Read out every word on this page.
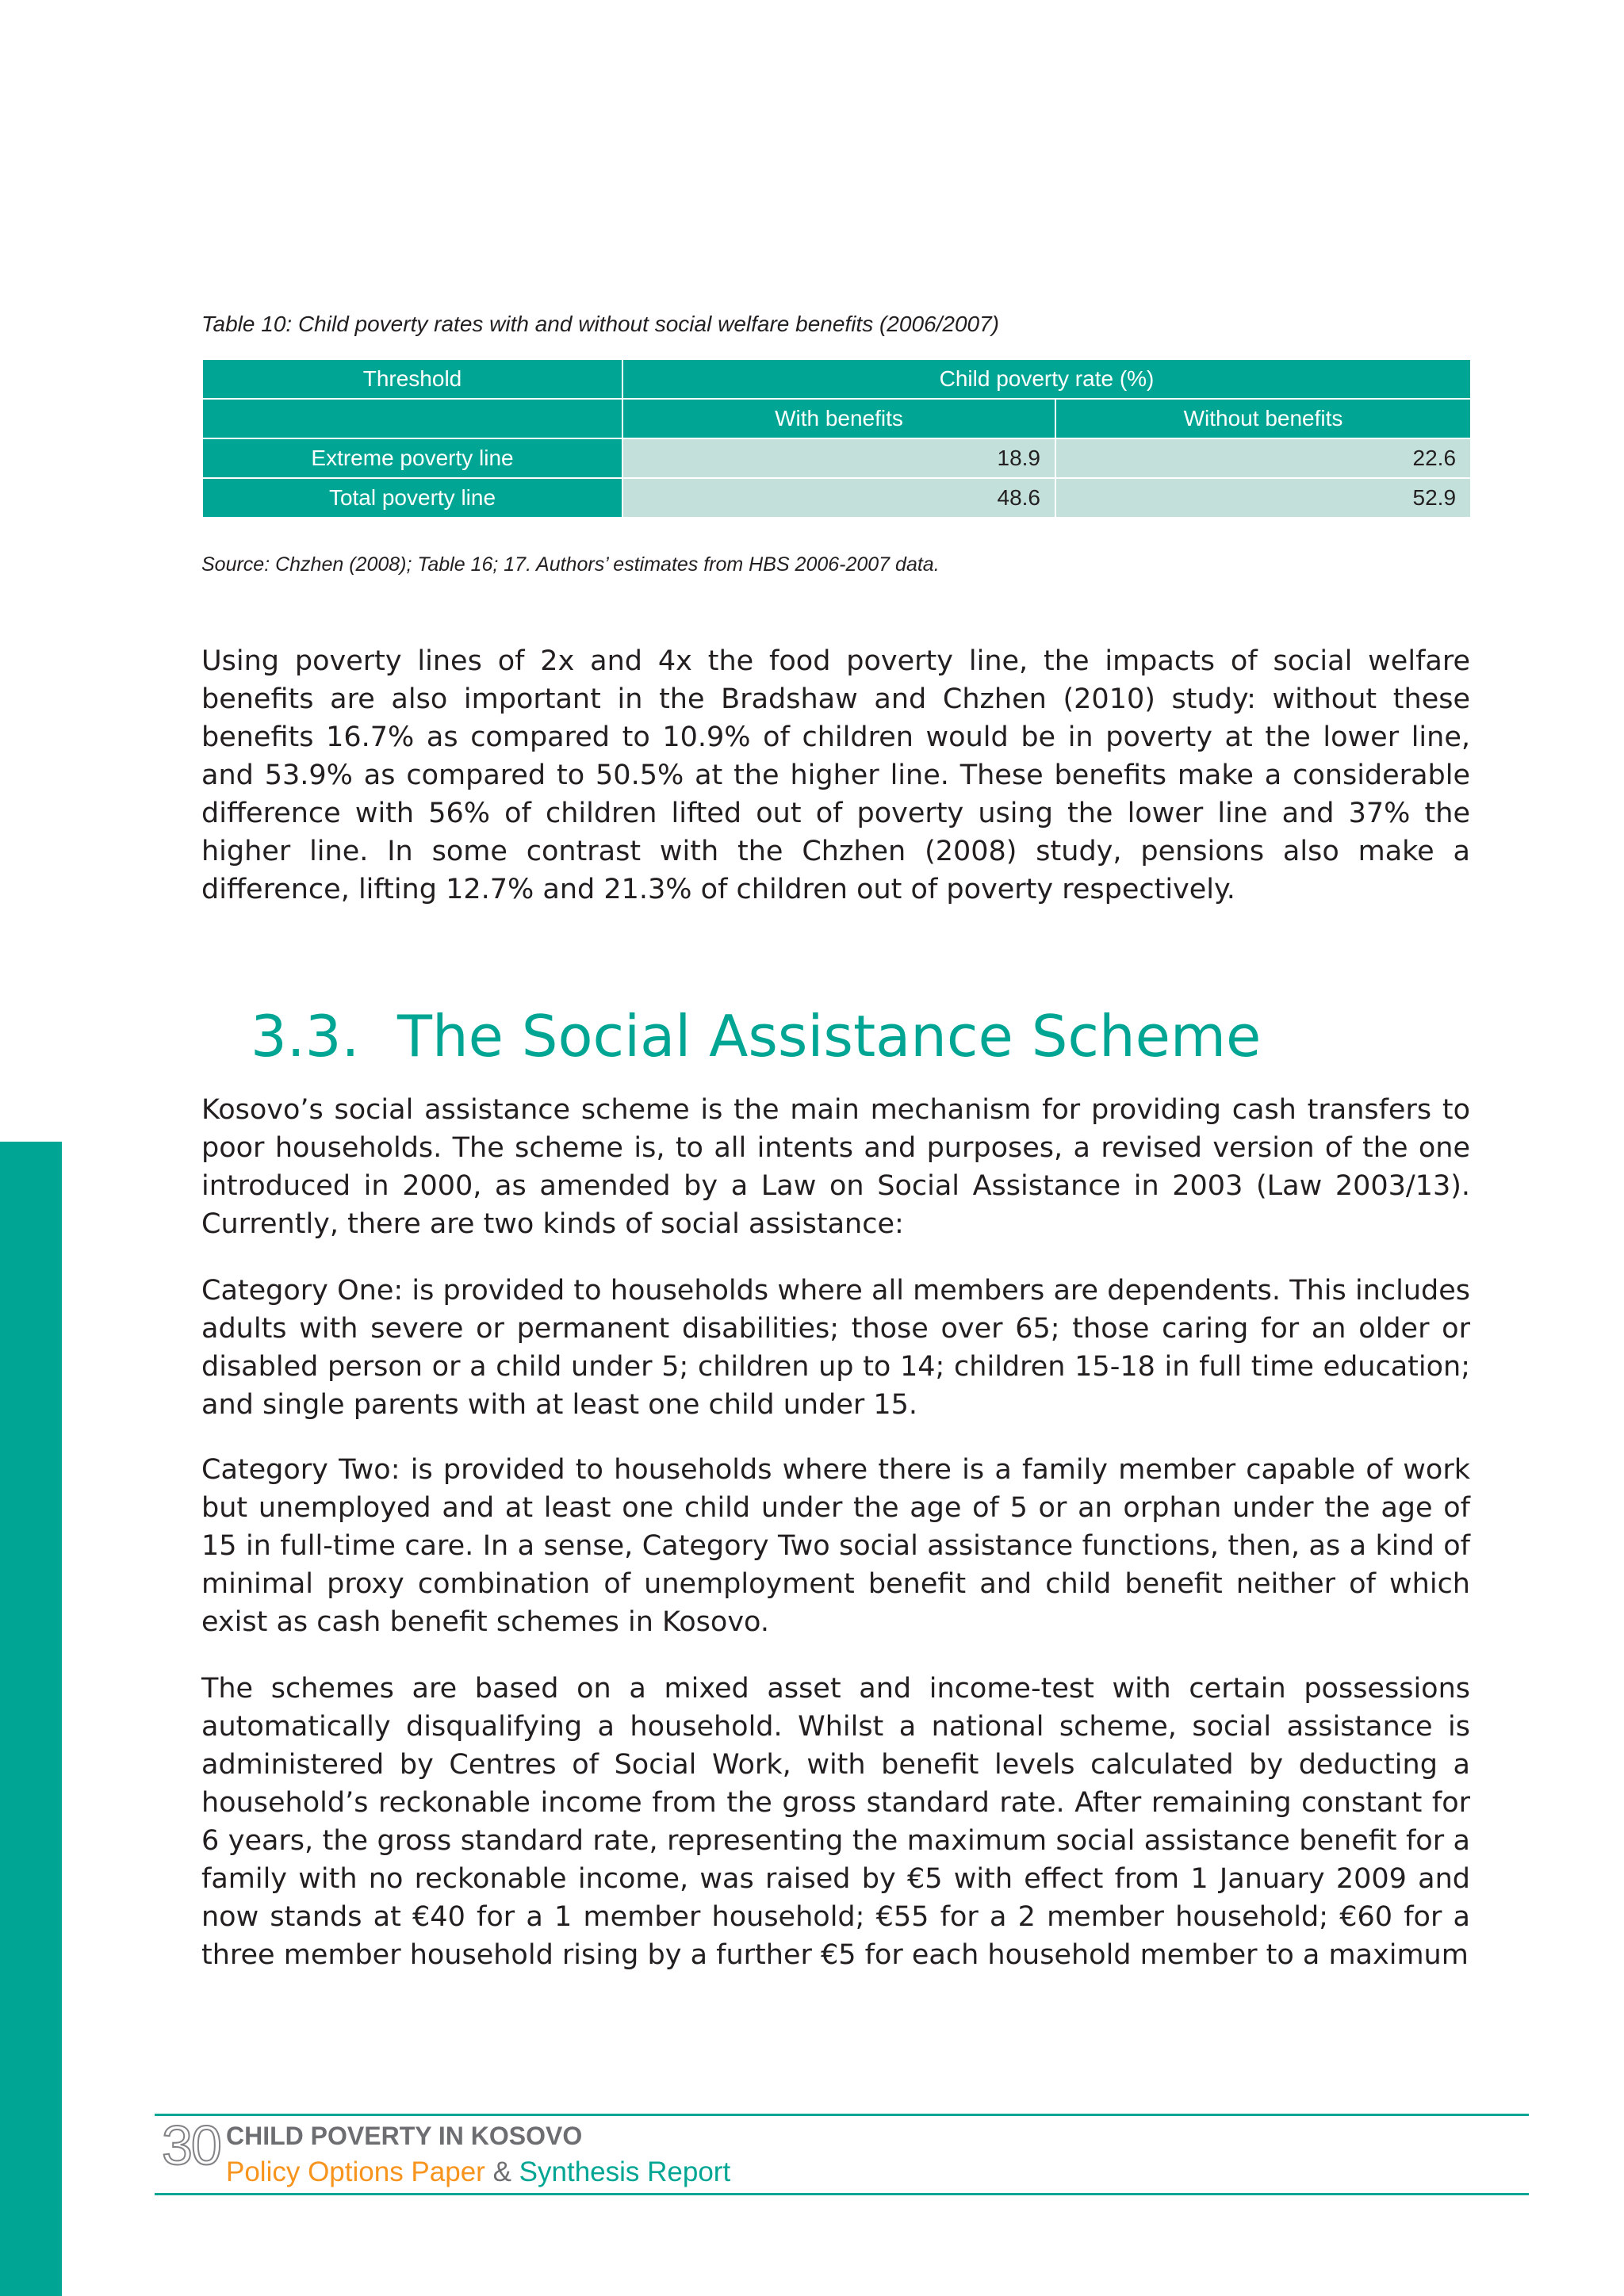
Table 10: Child poverty rates with and without social welfare benefits (2006/2007)
Threshold	Child poverty rate (%)	
	With benefits	Without benefits
Extreme poverty line	18.9	22.6
Total poverty line	48.6	52.9
Source: Chzhen (2008); Table 16; 17. Authors’ estimates from HBS 2006-2007 data.

Using poverty lines of 2x and 4x the food poverty line, the impacts of social welfare benefits are also important in the Bradshaw and Chzhen (2010) study: without these benefits 16.7% as compared to 10.9% of children would be in poverty at the lower line, and 53.9% as compared to 50.5% at the higher line. These benefits make a considerable difference with 56% of children lifted out of poverty using the lower line and 37% the higher line. In some contrast with the Chzhen (2008) study, pensions also make a difference, lifting 12.7% and 21.3% of children out of poverty respectively.

3.3. The Social Assistance Scheme

Kosovo’s social assistance scheme is the main mechanism for providing cash transfers to poor households. The scheme is, to all intents and purposes, a revised version of the one introduced in 2000, as amended by a Law on Social Assistance in 2003 (Law 2003/13). Currently, there are two kinds of social assistance:

Category One: is provided to households where all members are dependents. This includes adults with severe or permanent disabilities; those over 65; those caring for an older or disabled person or a child under 5; children up to 14; children 15-18 in full time education; and single parents with at least one child under 15.

Category Two: is provided to households where there is a family member capable of work but unemployed and at least one child under the age of 5 or an orphan under the age of 15 in full-time care. In a sense, Category Two social assistance functions, then, as a kind of minimal proxy combination of unemployment benefit and child benefit neither of which exist as cash benefit schemes in Kosovo.

The schemes are based on a mixed asset and income-test with certain possessions automatically disqualifying a household. Whilst a national scheme, social assistance is administered by Centres of Social Work, with benefit levels calculated by deducting a household’s reckonable income from the gross standard rate. After remaining constant for 6 years, the gross standard rate, representing the maximum social assistance benefit for a family with no reckonable income, was raised by €5 with effect from 1 January 2009 and now stands at €40 for a 1 member household; €55 for a 2 member household; €60 for a three member household rising by a further €5 for each household member to a maximum

30 CHILD POVERTY IN KOSOVO
Policy Options Paper & Synthesis Report
